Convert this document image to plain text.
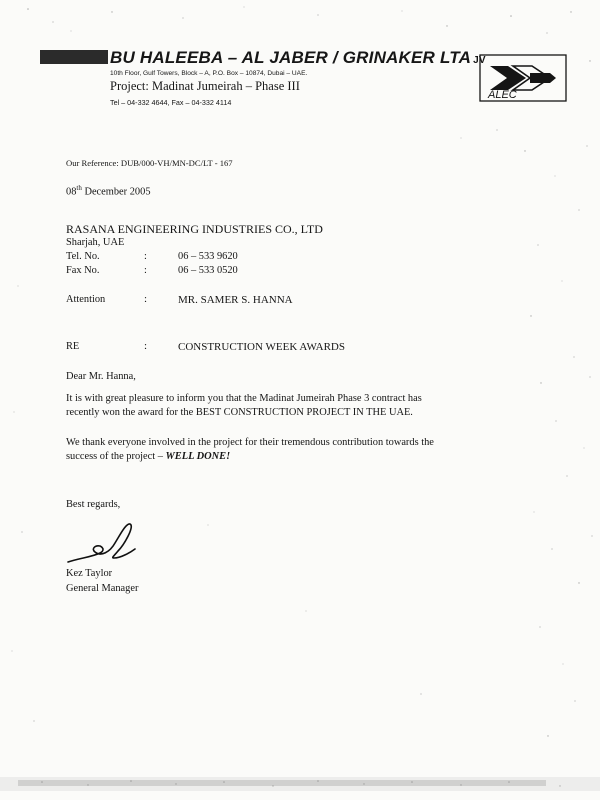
BU HALEEBA – AL JABER / GRINAKER LTA JV
10th Floor, Gulf Towers, Block – A, P.O. Box – 10874, Dubai – UAE.
Project: Madinat Jumeirah – Phase III
Tel – 04-332 4644, Fax – 04-332 4114
ALEC
Our Reference: DUB/000-VH/MN-DC/LT - 167
08th December 2005
RASANA ENGINEERING INDUSTRIES CO., LTD
Sharjah, UAE
Tel. No.	:	06 – 533 9620
Fax No.	:	06 – 533 0520
Attention	:	MR. SAMER S. HANNA
RE	:	CONSTRUCTION WEEK AWARDS
Dear Mr. Hanna,
It is with great pleasure to inform you that the Madinat Jumeirah Phase 3 contract has
recently won the award for the BEST CONSTRUCTION PROJECT IN THE UAE.
We thank everyone involved in the project for their tremendous contribution towards the
success of the project – WELL DONE!
Best regards,
Kez Taylor
General Manager
